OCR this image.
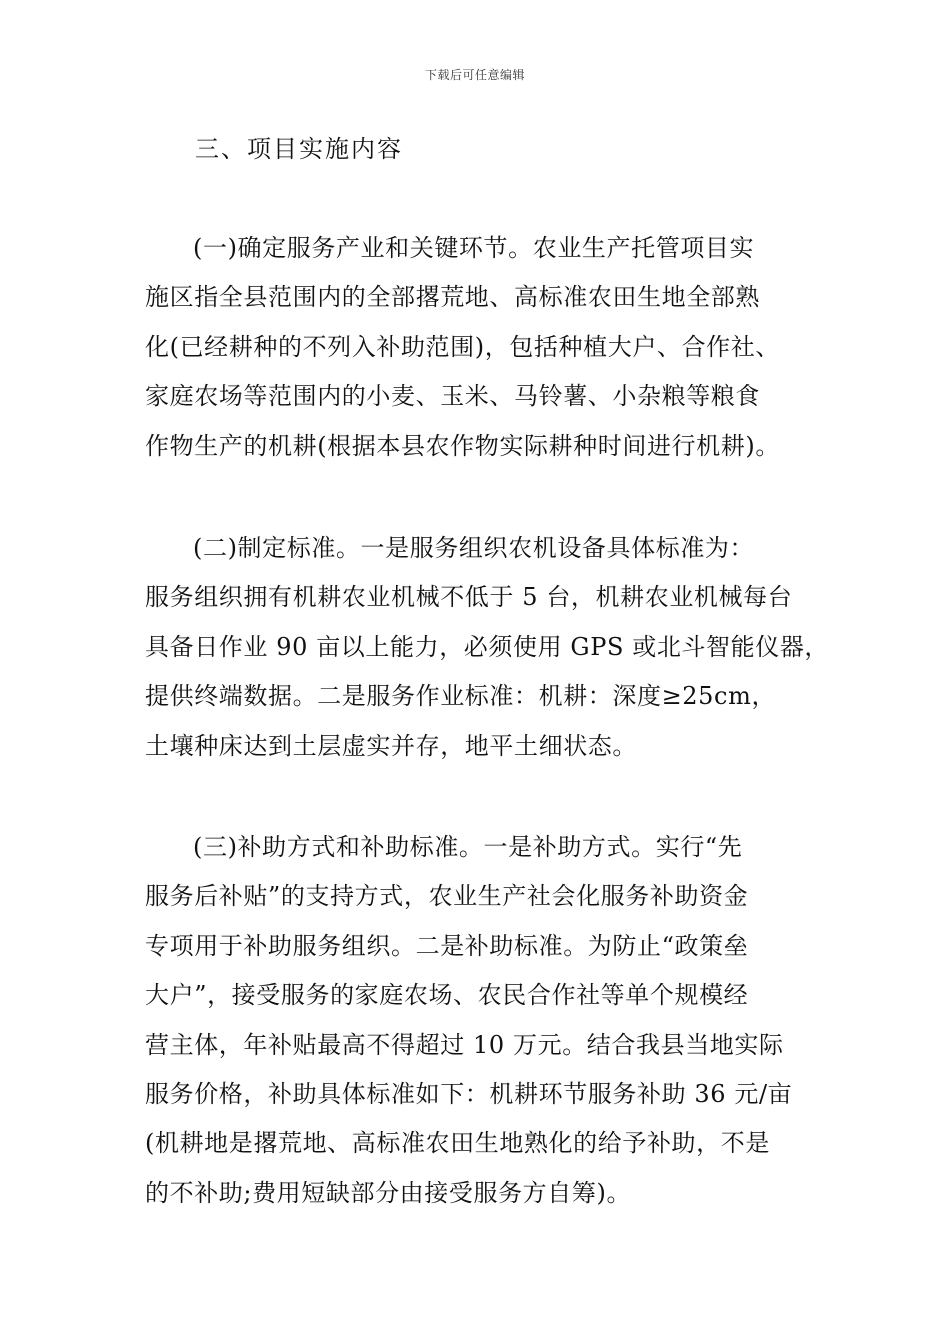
下载后可任意编辑
三、项目实施内容
(一)确定服务产业和关键环节。农业生产托管项目实
施区指全县范围内的全部撂荒地、高标准农田生地全部熟
化(已经耕种的不列入补助范围)，包括种植大户、合作社、
家庭农场等范围内的小麦、玉米、马铃薯、小杂粮等粮食
作物生产的机耕(根据本县农作物实际耕种时间进行机耕)。
(二)制定标准。一是服务组织农机设备具体标准为：
服务组织拥有机耕农业机械不低于 5 台，机耕农业机械每台
具备日作业 90 亩以上能力，必须使用 GPS 或北斗智能仪器，
提供终端数据。二是服务作业标准：机耕：深度≥25cm，
土壤种床达到土层虚实并存，地平土细状态。
(三)补助方式和补助标准。一是补助方式。实行“先
服务后补贴”的支持方式，农业生产社会化服务补助资金
专项用于补助服务组织。二是补助标准。为防止“政策垒
大户”，接受服务的家庭农场、农民合作社等单个规模经
营主体，年补贴最高不得超过 10 万元。结合我县当地实际
服务价格，补助具体标准如下：机耕环节服务补助 36 元/亩
(机耕地是撂荒地、高标准农田生地熟化的给予补助，不是
的不补助;费用短缺部分由接受服务方自筹)。
